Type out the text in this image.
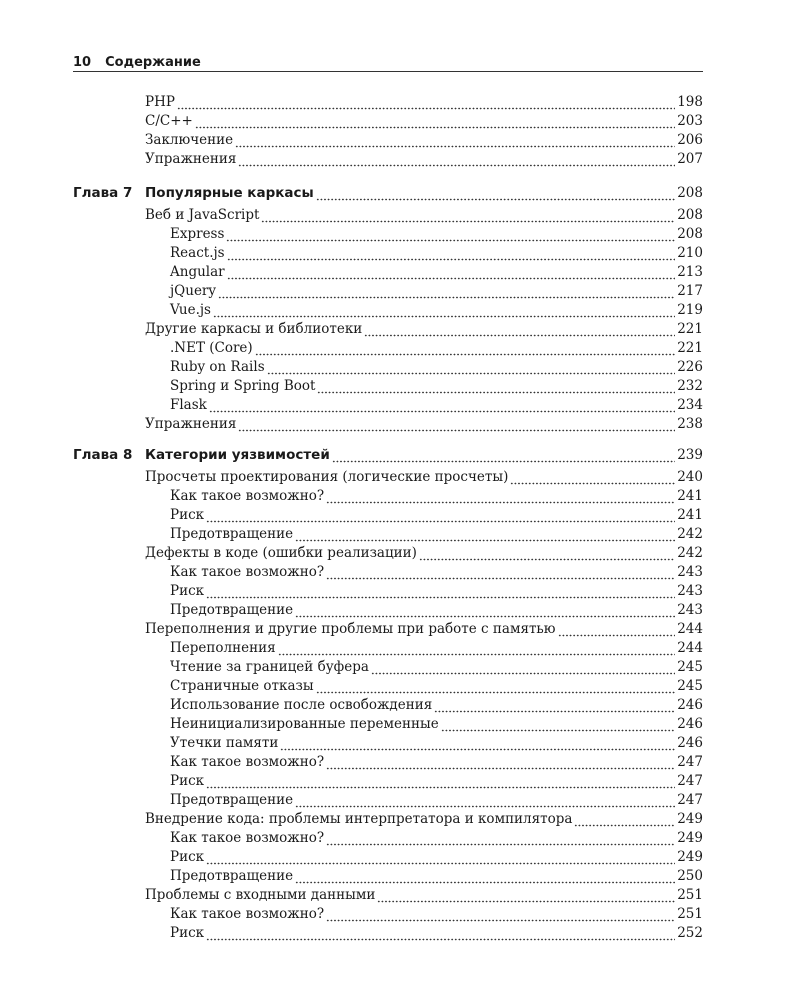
10 Содержание
PHP	198
C/C++	203
Заключение	206
Упражнения	207
Глава 7 Популярные каркасы	208
Веб и JavaScript	208
Express	208
React.js	210
Angular	213
jQuery	217
Vue.js	219
Другие каркасы и библиотеки	221
.NET (Core)	221
Ruby on Rails	226
Spring и Spring Boot	232
Flask	234
Упражнения	238
Глава 8 Категории уязвимостей	239
Просчеты проектирования (логические просчеты)	240
Как такое возможно?	241
Риск	241
Предотвращение	242
Дефекты в коде (ошибки реализации)	242
Как такое возможно?	243
Риск	243
Предотвращение	243
Переполнения и другие проблемы при работе с памятью	244
Переполнения	244
Чтение за границей буфера	245
Страничные отказы	245
Использование после освобождения	246
Неинициализированные переменные	246
Утечки памяти	246
Как такое возможно?	247
Риск	247
Предотвращение	247
Внедрение кода: проблемы интерпретатора и компилятора	249
Как такое возможно?	249
Риск	249
Предотвращение	250
Проблемы с входными данными	251
Как такое возможно?	251
Риск	252
